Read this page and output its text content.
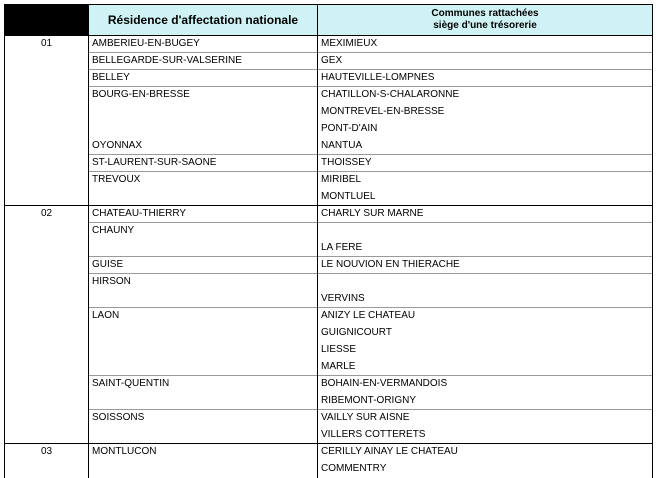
	Résidence d'affectation nationale	Communes rattachées
siège d'une trésorerie

01	AMBERIEU-EN-BUGEY	MEXIMIEUX
	BELLEGARDE-SUR-VALSERINE	GEX
	BELLEY	HAUTEVILLE-LOMPNES
	BOURG-EN-BRESSE	CHATILLON-S-CHALARONNE
		MONTREVEL-EN-BRESSE
		PONT-D'AIN
	OYONNAX	NANTUA
	ST-LAURENT-SUR-SAONE	THOISSEY
	TREVOUX	MIRIBEL
		MONTLUEL
02	CHATEAU-THIERRY	CHARLY SUR MARNE
	CHAUNY	
		LA FERE
	GUISE	LE NOUVION EN THIERACHE
	HIRSON	
		VERVINS
	LAON	ANIZY LE CHATEAU
		GUIGNICOURT
		LIESSE
		MARLE
	SAINT-QUENTIN	BOHAIN-EN-VERMANDOIS
		RIBEMONT-ORIGNY
	SOISSONS	VAILLY SUR AISNE
		VILLERS COTTERETS
03	MONTLUCON	CERILLY AINAY LE CHATEAU
		COMMENTRY
